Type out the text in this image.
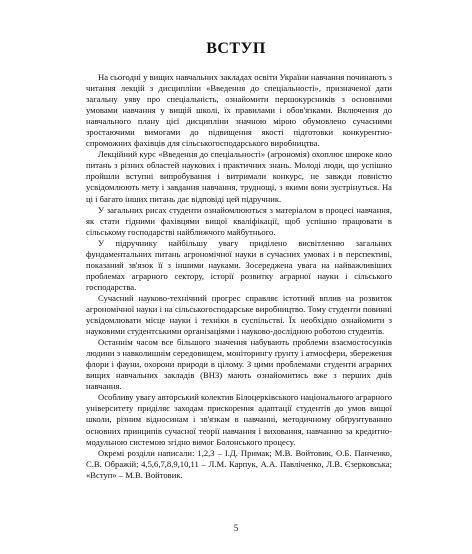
ВСТУП

На сьогодні у вищих навчальних закладах освіти України навчання починають з читання лекцій з дисципліни «Введення до спеціальності», призначеної дати загальну уяву про спеціальність, ознайомити першокурсників з основними умовами навчання у вищій школі, їх правилами і обов'язками. Включення до навчального плану цієї дисципліни значною мірою обумовлено сучасними зростаючими вимогами до підвищення якості підготовки конкурентно-спроможних фахівців для сільськогосподарського виробництва.

Лекційний курс «Введення до спеціальності» (агрономія) охоплює широке коло питань з різних областей наукових і практичних знань. Молоді люди, що успішно пройшли вступні випробування і витримали конкурс, не завжди повністю усвідомлюють мету і завдання навчання, труднощі, з якими вони зустрінуться. На ці і багато інших питань дає відповіді цей підручник.

У загальних рисах студенти ознайомлюються з матеріалом в процесі навчання, як стати гідними фахівцями вищої кваліфікації, щоб успішно працювати в сільському господарстві найближчого майбутнього.

У підручнику найбільшу увагу приділено висвітленню загальних фундаментальних питань агрономічної науки в сучасних умовах і в перспективі, показаний зв'язок її з іншими науками. Зосереджена увага на найважливіших проблемах аграрного сектору, історії розвитку аграрної науки і сільського господарства.

Сучасний науково-технічний прогрес справляє істотний вплив на розвиток агрономічної науки і на сільськогосподарське виробництво. Тому студенти повинні усвідомлювати місце науки і техніки в суспільстві. Їх необхідно ознайомити з науковими студентськими організаціями і науково-дослідною роботою студентів.

Останнім часом все більшого значення набувають проблеми взаємостосунків людини з навколишнім середовищем, моніторингу ґрунту і атмосфери, збереження флори і фауни, охорони природи в цілому. З цими проблемами студенти аграрних вищих навчальних закладів (ВНЗ) мають ознайомитись вже з перших днів навчання.

Особливу увагу авторський колектив Білоцерківського національного аграрного університету приділяє заходам прискорення адаптації студентів до умов вищої школи, різним відносинам і зв'язкам в навчанні, методичному обґрунтуванню основних принципів сучасної теорії навчання і виховання, навчанню за кредитно-модульною системою згідно вимог Болонського процесу.

Окремі розділи написали: 1,2,3 – І.Д. Примак; М.В. Войтовик, О.Б. Панченко, С.В. Ображій; 4,5,6,7,8,9,10,11 – Л.М. Карпук, А.А. Павліченко, Л.В. Єзерковська; «Вступ» – М.В. Войтовик.

5
